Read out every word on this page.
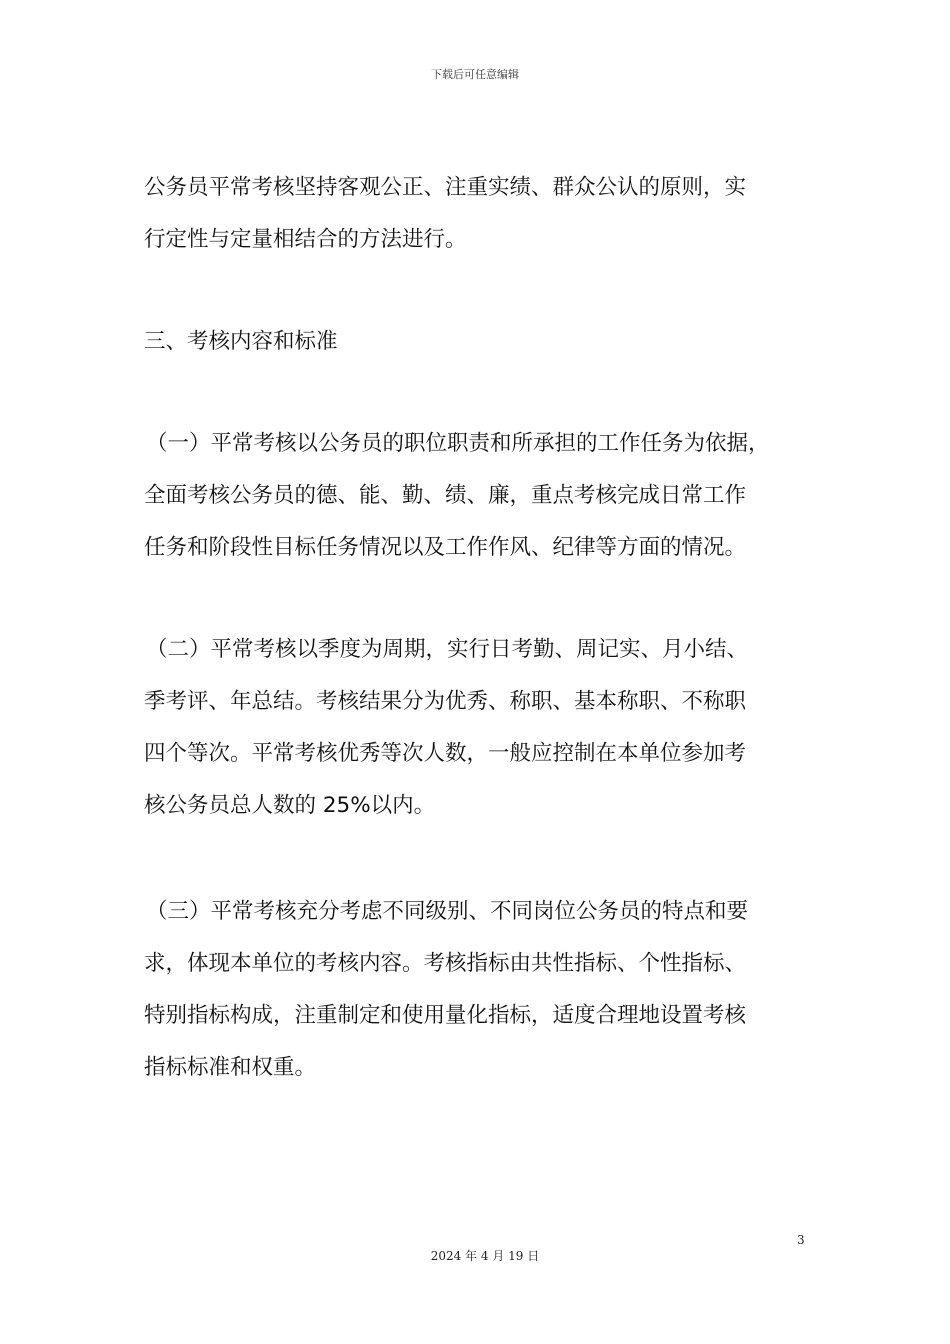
下载后可任意编辑
公务员平常考核坚持客观公正、注重实绩、群众公认的原则，实
行定性与定量相结合的方法进行。
三、考核内容和标准
（一）平常考核以公务员的职位职责和所承担的工作任务为依据，
全面考核公务员的德、能、勤、绩、廉，重点考核完成日常工作
任务和阶段性目标任务情况以及工作作风、纪律等方面的情况。
（二）平常考核以季度为周期，实行日考勤、周记实、月小结、
季考评、年总结。考核结果分为优秀、称职、基本称职、不称职
四个等次。平常考核优秀等次人数，一般应控制在本单位参加考
核公务员总人数的 25%以内。
（三）平常考核充分考虑不同级别、不同岗位公务员的特点和要
求，体现本单位的考核内容。考核指标由共性指标、个性指标、
特别指标构成，注重制定和使用量化指标，适度合理地设置考核
指标标准和权重。
3
2024 年 4 月 19 日
